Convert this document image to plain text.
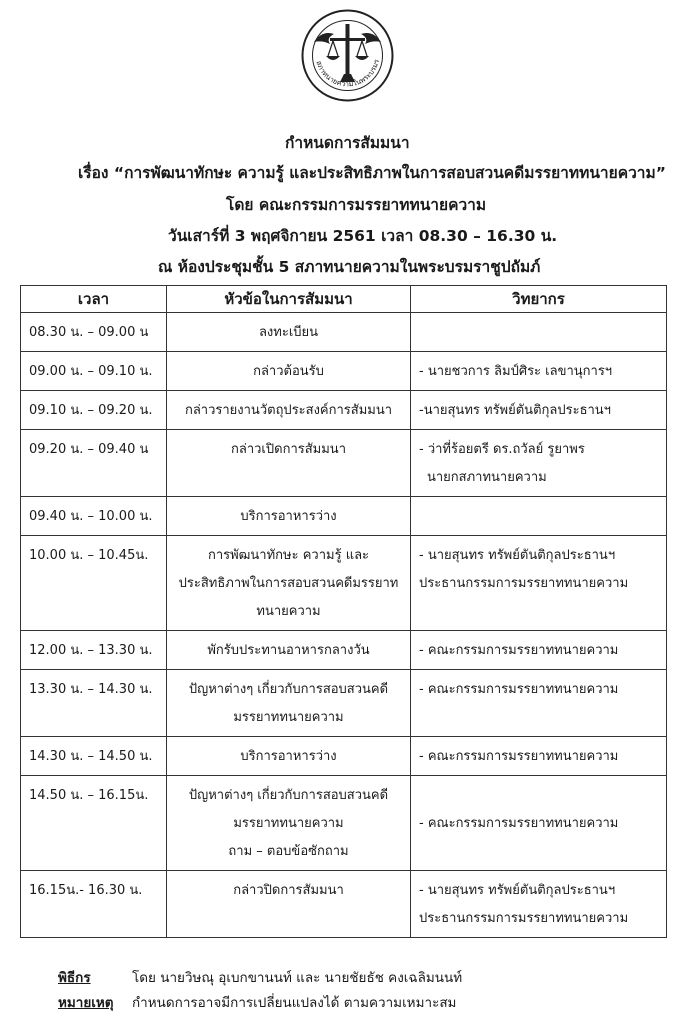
สภาทนายความในพระบรมร
กำหนดการสัมมนา
เรื่อง “การพัฒนาทักษะ ความรู้ และประสิทธิภาพในการสอบสวนคดีมรรยาททนายความ”
โดย คณะกรรมการมรรยาททนายความ
วันเสาร์ที่ 3 พฤศจิกายน 2561 เวลา 08.30 – 16.30 น.
ณ ห้องประชุมชั้น 5 สภาทนายความในพระบรมราชูปถัมภ์
เวลา	หัวข้อในการสัมมนา	วิทยากร
08.30 น. – 09.00 น	ลงทะเบียน	

09.00 น. – 09.10 น.	กล่าวต้อนรับ	- นายชวการ ลิมป์ศิระ เลขานุการฯ

09.10 น. – 09.20 น.	กล่าวรายงานวัตถุประสงค์การสัมมนา	-นายสุนทร ทรัพย์ตันติกุลประธานฯ

09.20 น. – 09.40 น	กล่าวเปิดการสัมมนา	- ว่าที่ร้อยตรี ดร.ถวัลย์ รูยาพร
นายกสภาทนายความ

09.40 น. – 10.00 น.	บริการอาหารว่าง	

10.00 น. – 10.45น.	การพัฒนาทักษะ ความรู้ และ
ประสิทธิภาพในการสอบสวนคดีมรรยาท
ทนายความ	- นายสุนทร ทรัพย์ตันติกุลประธานฯ
ประธานกรรมการมรรยาททนายความ

12.00 น. – 13.30 น.	พักรับประทานอาหารกลางวัน	- คณะกรรมการมรรยาททนายความ

13.30 น. – 14.30 น.	ปัญหาต่างๆ เกี่ยวกับการสอบสวนคดี
มรรยาททนายความ	- คณะกรรมการมรรยาททนายความ

14.30 น. – 14.50 น.	บริการอาหารว่าง	- คณะกรรมการมรรยาททนายความ

14.50 น. – 16.15น.	ปัญหาต่างๆ เกี่ยวกับการสอบสวนคดี
มรรยาททนายความ
ถาม – ตอบข้อซักถาม	- คณะกรรมการมรรยาททนายความ

16.15น.- 16.30 น.	กล่าวปิดการสัมมนา	- นายสุนทร ทรัพย์ตันติกุลประธานฯ
ประธานกรรมการมรรยาททนายความ
พิธีกร	โดย นายวิษณุ อุเบกขานนท์ และ นายชัยธัช คงเฉลิมนนท์
หมายเหตุ กำหนดการอาจมีการเปลี่ยนแปลงได้ ตามความเหมาะสม
